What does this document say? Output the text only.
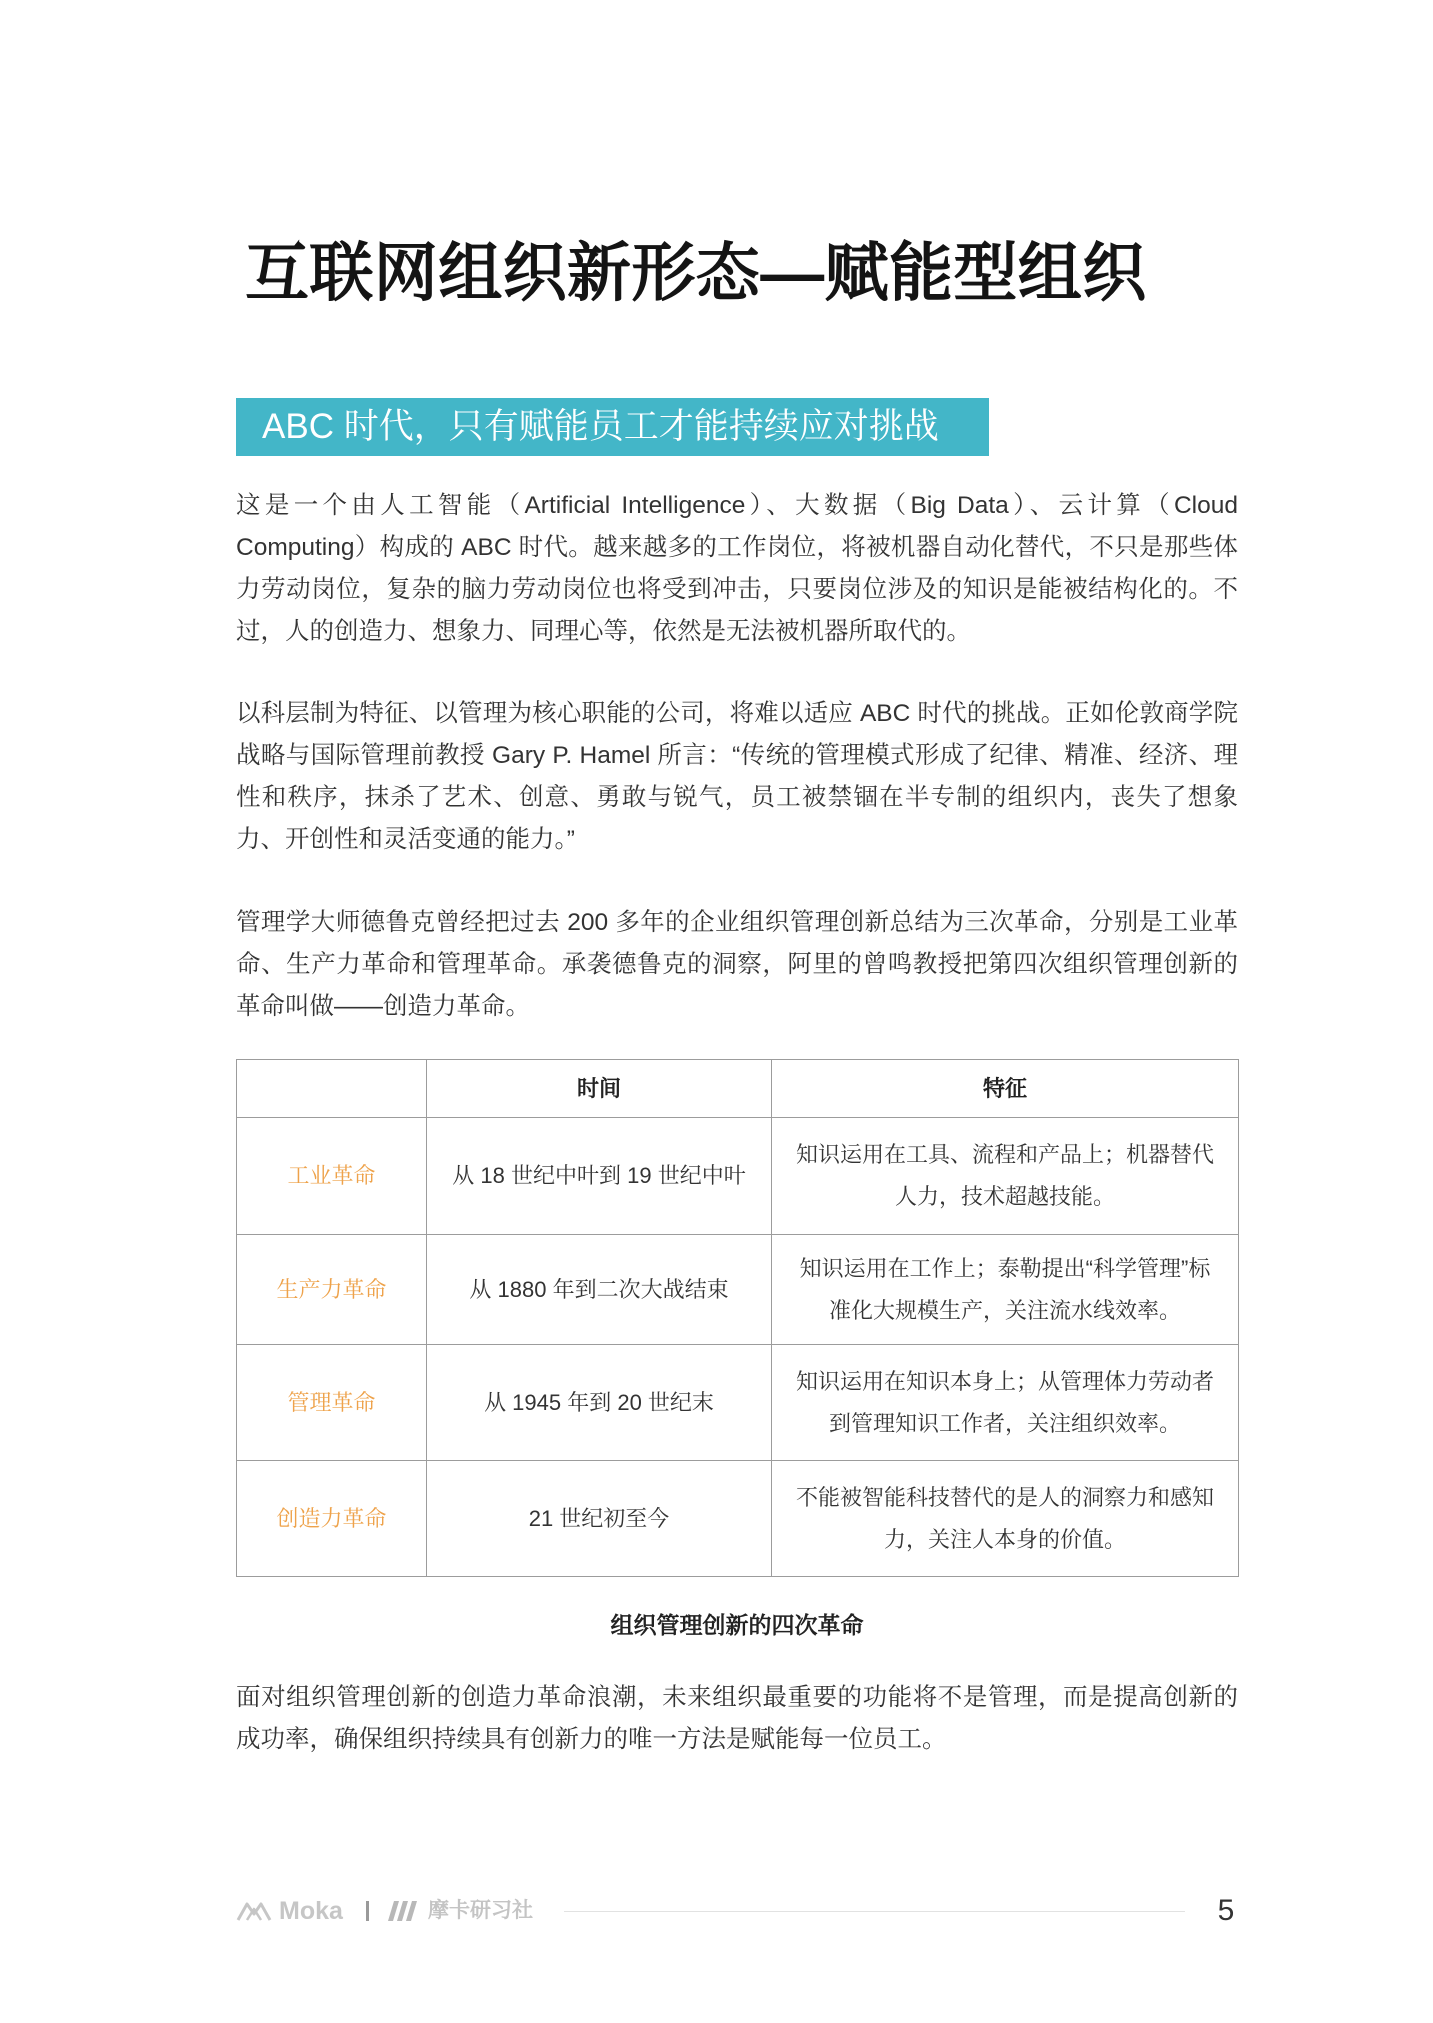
互联网组织新形态—赋能型组织
ABC 时代，只有赋能员工才能持续应对挑战

这是一个由人工智能（Artificial Intelligence）、大数据（Big Data）、云计算（Cloud Computing）构成的 ABC 时代。越来越多的工作岗位，将被机器自动化替代，不只是那些体力劳动岗位，复杂的脑力劳动岗位也将受到冲击，只要岗位涉及的知识是能被结构化的。不过，人的创造力、想象力、同理心等，依然是无法被机器所取代的。

以科层制为特征、以管理为核心职能的公司，将难以适应 ABC 时代的挑战。正如伦敦商学院战略与国际管理前教授 Gary P. Hamel 所言：“传统的管理模式形成了纪律、精准、经济、理性和秩序，抹杀了艺术、创意、勇敢与锐气，员工被禁锢在半专制的组织内，丧失了想象力、开创性和灵活变通的能力。”

管理学大师德鲁克曾经把过去 200 多年的企业组织管理创新总结为三次革命，分别是工业革命、生产力革命和管理革命。承袭德鲁克的洞察，阿里的曾鸣教授把第四次组织管理创新的革命叫做——创造力革命。

	时间	特征
工业革命	从 18 世纪中叶到 19 世纪中叶	知识运用在工具、流程和产品上；机器替代人力，技术超越技能。
生产力革命	从 1880 年到二次大战结束	知识运用在工作上；泰勒提出“科学管理”标准化大规模生产，关注流水线效率。
管理革命	从 1945 年到 20 世纪末	知识运用在知识本身上；从管理体力劳动者到管理知识工作者，关注组织效率。
创造力革命	21 世纪初至今	不能被智能科技替代的是人的洞察力和感知力，关注人本身的价值。
组织管理创新的四次革命

面对组织管理创新的创造力革命浪潮，未来组织最重要的功能将不是管理，而是提高创新的成功率，确保组织持续具有创新力的唯一方法是赋能每一位员工。

Moka	摩卡研习社	5
